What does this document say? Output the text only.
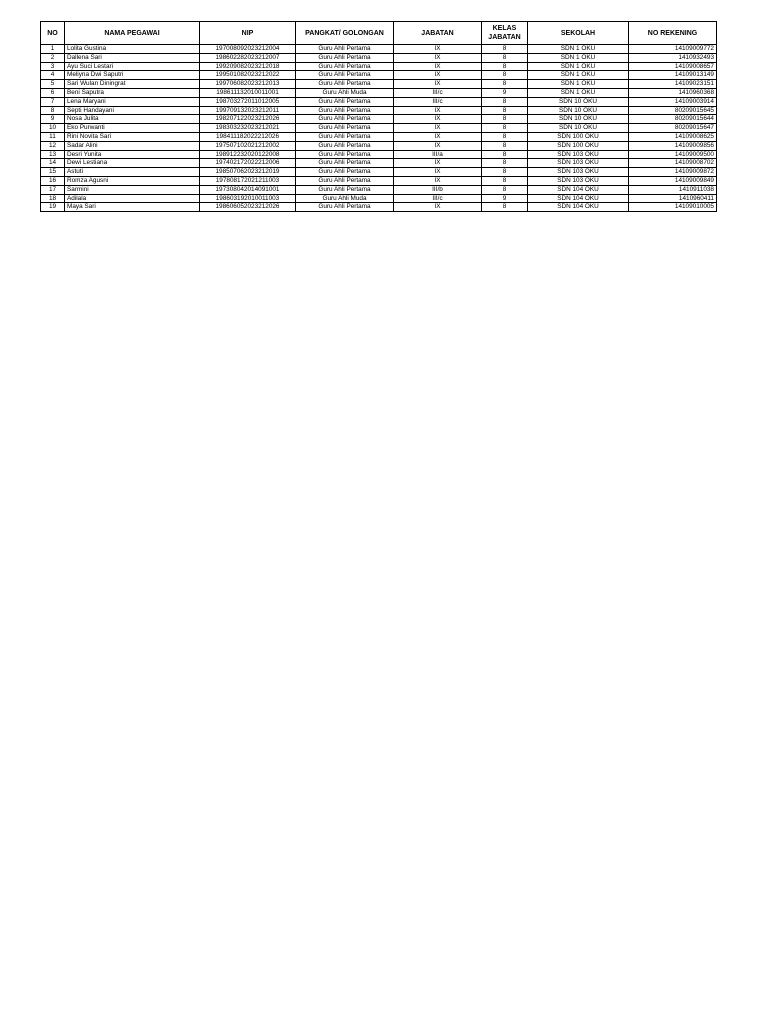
NO	NAMA PEGAWAI	NIP	PANGKAT/ GOLONGAN	JABATAN	KELAS JABATAN	SEKOLAH	NO REKENING
1	Lolita Gustina	197008092023212004	Guru Ahli Pertama	IX	8	SDN 1 OKU	14109009772
2	Dallena Sari	198602282023212007	Guru Ahli Pertama	IX	8	SDN 1 OKU	1410932493
3	Ayu Suci Lestari	199209082023212018	Guru Ahli Pertama	IX	8	SDN 1 OKU	14109008657
4	Meliyna Dwi Saputri	199501082023212022	Guru Ahli Pertama	IX	8	SDN 1 OKU	14109013149
5	Sari Wulan Diningrat	199706082023212013	Guru Ahli Pertama	IX	8	SDN 1 OKU	14109023151
6	Beni Saputra	198611132010011001	Guru Ahli Muda	III/c	9	SDN 1 OKU	1410960368
7	Lena Maryani	198703272011012005	Guru Ahli Pertama	III/c	8	SDN 10 OKU	14109003914
8	Septi Handayani	199709132023212011	Guru Ahli Pertama	IX	8	SDN 10 OKU	80209015645
9	Nosa Julita	198207122023212026	Guru Ahli Pertama	IX	8	SDN 10 OKU	80209015644
10	Eko Purwanti	198303232023212021	Guru Ahli Pertama	IX	8	SDN 10 OKU	80209015647
11	Rini Novita Sari	198411182022212026	Guru Ahli Pertama	IX	8	SDN 100 OKU	14109008625
12	Sadar Alini	197507102021212002	Guru Ahli Pertama	IX	8	SDN 100 OKU	14109009856
13	Desri Yunita	198912232020122008	Guru Ahli Pertama	III/a	8	SDN 103 OKU	14109009500
14	Dewi Lestiana	197402172022212006	Guru Ahli Pertama	IX	8	SDN 103 OKU	14109008702
15	Astuti	198507062023212019	Guru Ahli Pertama	IX	8	SDN 103 OKU	14109009872
16	Romza Agusni	197808172021211003	Guru Ahli Pertama	IX	8	SDN 103 OKU	14109009849
17	Sarmini	197308042014091001	Guru Ahli Pertama	III/b	8	SDN 104 OKU	1410911038
18	Adilala	198603192010011003	Guru Ahli Muda	III/c	9	SDN 104 OKU	1410960411
19	Maya Sari	198606052023212026	Guru Ahli Pertama	IX	8	SDN 104 OKU	14109010005
